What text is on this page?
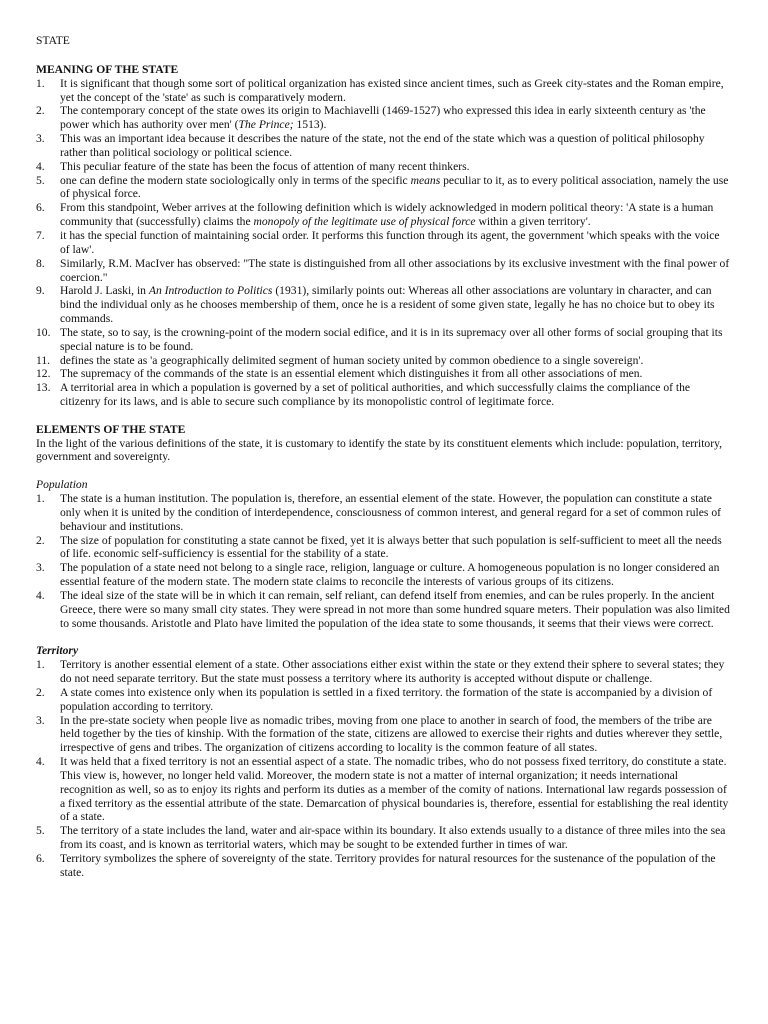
STATE

MEANING OF THE STATE

1. It is significant that though some sort of political organization has existed since ancient times, such as Greek city-states and the Roman empire, yet the concept of the 'state' as such is comparatively modern.
2. The contemporary concept of the state owes its origin to Machiavelli (1469-1527) who expressed this idea in early sixteenth century as 'the power which has authority over men' (The Prince; 1513).
3. This was an important idea because it describes the nature of the state, not the end of the state which was a question of political philosophy rather than political sociology or political science.
4. This peculiar feature of the state has been the focus of attention of many recent thinkers.
5. one can define the modern state sociologically only in terms of the specific means peculiar to it, as to every political association, namely the use of physical force.
6. From this standpoint, Weber arrives at the following definition which is widely acknowledged in modern political theory: 'A state is a human community that (successfully) claims the monopoly of the legitimate use of physical force within a given territory'.
7. it has the special function of maintaining social order. It performs this function through its agent, the government 'which speaks with the voice of law'.
8. Similarly, R.M. MacIver has observed: "The state is distinguished from all other associations by its exclusive investment with the final power of coercion."
9. Harold J. Laski, in An Introduction to Politics (1931), similarly points out: Whereas all other associations are voluntary in character, and can bind the individual only as he chooses membership of them, once he is a resident of some given state, legally he has no choice but to obey its commands.
10. The state, so to say, is the crowning-point of the modern social edifice, and it is in its supremacy over all other forms of social grouping that its special nature is to be found.
11. defines the state as 'a geographically delimited segment of human society united by common obedience to a single sovereign'.
12. The supremacy of the commands of the state is an essential element which distinguishes it from all other associations of men.
13. A territorial area in which a population is governed by a set of political authorities, and which successfully claims the compliance of the citizenry for its laws, and is able to secure such compliance by its monopolistic control of legitimate force.

ELEMENTS OF THE STATE

In the light of the various definitions of the state, it is customary to identify the state by its constituent elements which include: population, territory, government and sovereignty.

Population

1. The state is a human institution. The population is, therefore, an essential element of the state. However, the population can constitute a state only when it is united by the condition of interdependence, consciousness of common interest, and general regard for a set of common rules of behaviour and institutions.
2. The size of population for constituting a state cannot be fixed, yet it is always better that such population is self-sufficient to meet all the needs of life. economic self-sufficiency is essential for the stability of a state.
3. The population of a state need not belong to a single race, religion, language or culture. A homogeneous population is no longer considered an essential feature of the modern state. The modern state claims to reconcile the interests of various groups of its citizens.
4. The ideal size of the state will be in which it can remain, self reliant, can defend itself from enemies, and can be rules properly. In the ancient Greece, there were so many small city states. They were spread in not more than some hundred square meters. Their population was also limited to some thousands. Aristotle and Plato have limited the population of the idea state to some thousands, it seems that their views were correct.

Territory

1. Territory is another essential element of a state. Other associations either exist within the state or they extend their sphere to several states; they do not need separate territory. But the state must possess a territory where its authority is accepted without dispute or challenge.
2. A state comes into existence only when its population is settled in a fixed territory. the formation of the state is accompanied by a division of population according to territory.
3. In the pre-state society when people live as nomadic tribes, moving from one place to another in search of food, the members of the tribe are held together by the ties of kinship. With the formation of the state, citizens are allowed to exercise their rights and duties wherever they settle, irrespective of gens and tribes. The organization of citizens according to locality is the common feature of all states.
4. It was held that a fixed territory is not an essential aspect of a state. The nomadic tribes, who do not possess fixed territory, do constitute a state. This view is, however, no longer held valid. Moreover, the modern state is not a matter of internal organization; it needs international recognition as well, so as to enjoy its rights and perform its duties as a member of the comity of nations. International law regards possession of a fixed territory as the essential attribute of the state. Demarcation of physical boundaries is, therefore, essential for establishing the real identity of a state.
5. The territory of a state includes the land, water and air-space within its boundary. It also extends usually to a distance of three miles into the sea from its coast, and is known as territorial waters, which may be sought to be extended further in times of war.
6. Territory symbolizes the sphere of sovereignty of the state. Territory provides for natural resources for the sustenance of the population of the state.
